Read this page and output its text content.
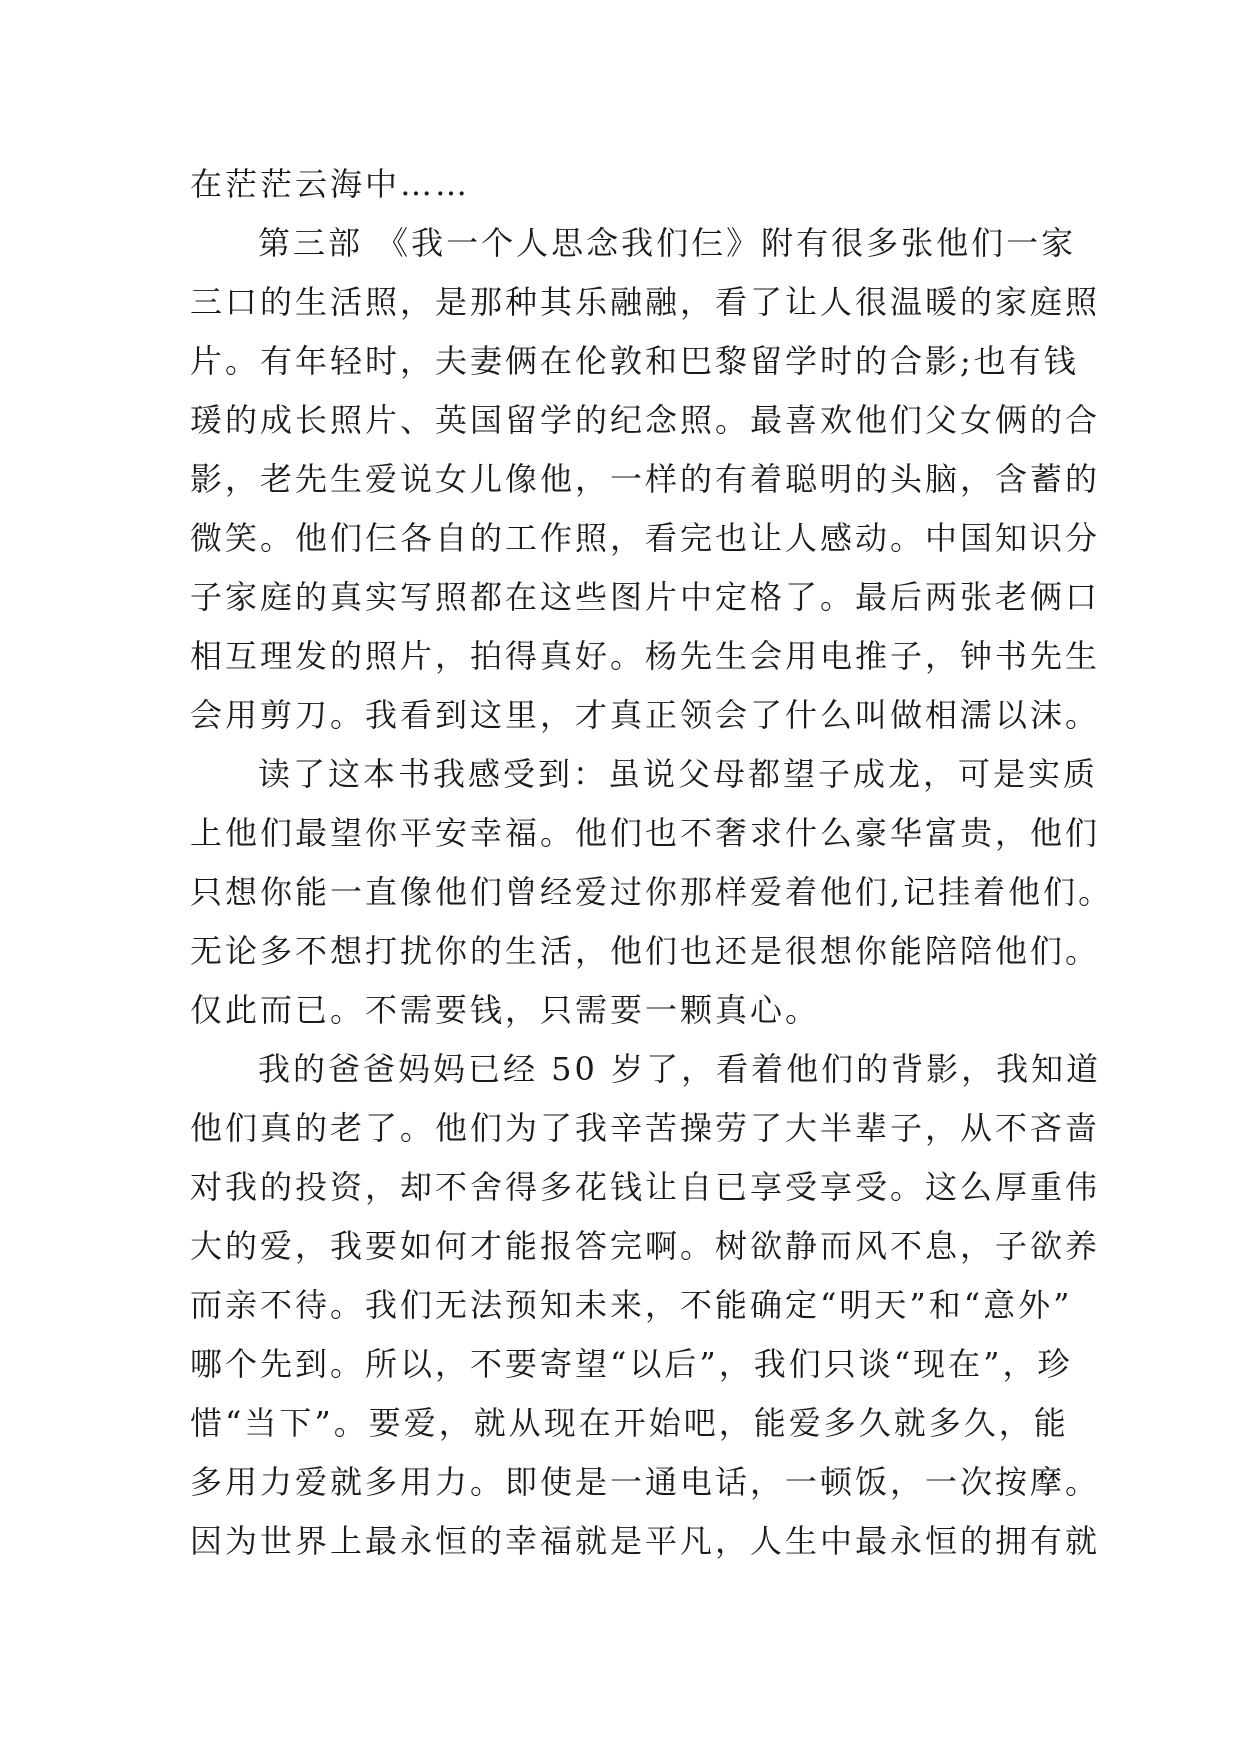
在茫茫云海中……
第三部 《我一个人思念我们仨》附有很多张他们一家
三口的生活照，是那种其乐融融，看了让人很温暖的家庭照
片。有年轻时，夫妻俩在伦敦和巴黎留学时的合影;也有钱
瑗的成长照片、英国留学的纪念照。最喜欢他们父女俩的合
影，老先生爱说女儿像他，一样的有着聪明的头脑，含蓄的
微笑。他们仨各自的工作照，看完也让人感动。中国知识分
子家庭的真实写照都在这些图片中定格了。最后两张老俩口
相互理发的照片，拍得真好。杨先生会用电推子，钟书先生
会用剪刀。我看到这里，才真正领会了什么叫做相濡以沫。
读了这本书我感受到：虽说父母都望子成龙，可是实质
上他们最望你平安幸福。他们也不奢求什么豪华富贵，他们
只想你能一直像他们曾经爱过你那样爱着他们,记挂着他们。
无论多不想打扰你的生活，他们也还是很想你能陪陪他们。
仅此而已。不需要钱，只需要一颗真心。
我的爸爸妈妈已经 50 岁了，看着他们的背影，我知道
他们真的老了。他们为了我辛苦操劳了大半辈子，从不吝啬
对我的投资，却不舍得多花钱让自已享受享受。这么厚重伟
大的爱，我要如何才能报答完啊。树欲静而风不息，子欲养
而亲不待。我们无法预知未来，不能确定“明天”和“意外”
哪个先到。所以，不要寄望“以后”，我们只谈“现在”，珍
惜“当下”。要爱，就从现在开始吧，能爱多久就多久，能
多用力爱就多用力。即使是一通电话，一顿饭，一次按摩。
因为世界上最永恒的幸福就是平凡，人生中最永恒的拥有就
